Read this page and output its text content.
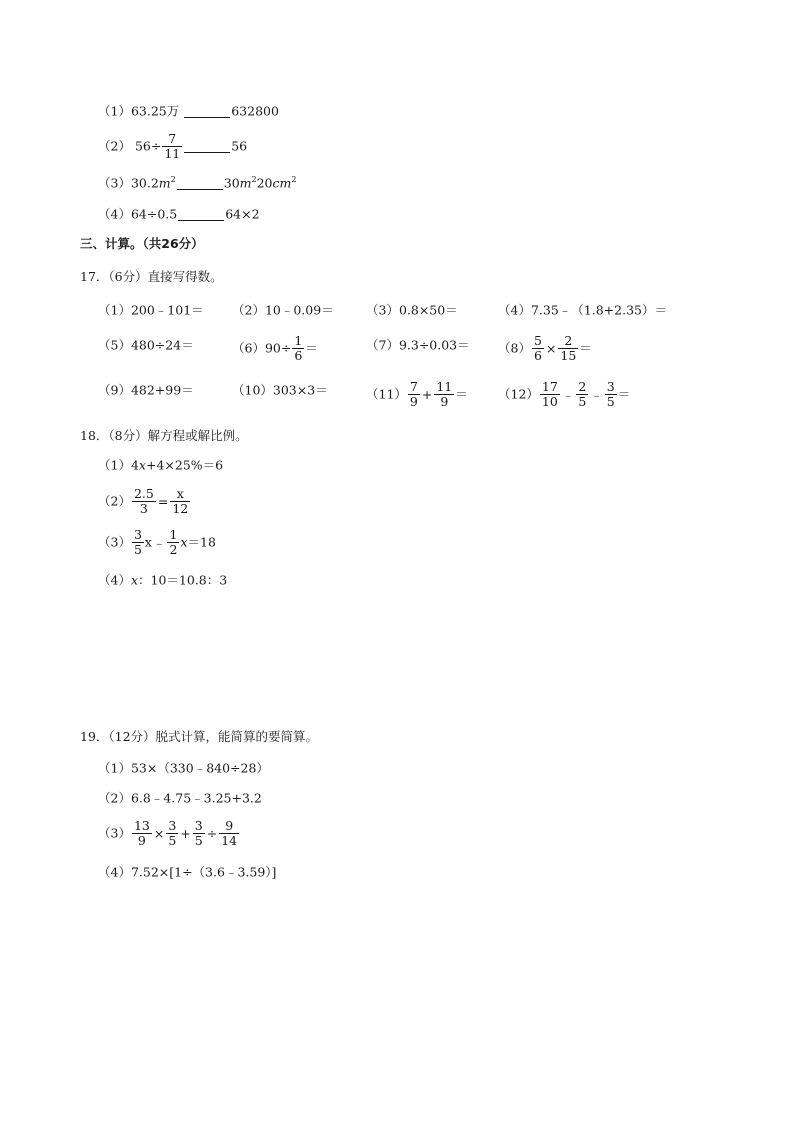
（1）63.25万	632800
（2） $56\div \frac{7}{11}$	56
$(3)30.2m^2$	$30m^220cm^2$
（4）64÷0.5	64×2
三、计算。（共26分）
17．（6分）直接写得数。
（1）200﹣101＝ （2）10﹣0.09＝	（3）0.8×50＝	（4）7.35﹣（1.8+2.35）＝
（5）480÷24＝	$(6)90\div \frac{1}{6}$ ＝	$(7)9.3\div 0.03= (8) \frac{5}{6} \times \frac{2}{15}$ ＝
（9）482+99＝	（10）303×3＝	$(11) \frac{7}{9} + \frac{11}{9} = (12) \frac{17}{10}$ ﹣ $\frac{2}{5}$ ﹣ $\frac{3}{5}$ ＝
18．（8分）解方程或解比例。
（1）4x+4×25%＝6
$(2) \frac{2.5}{3} = \frac{x}{12}$
$(3) \frac{3}{5}$ x﹣ $\frac{1}{2} x=18$
（4）x：10＝10.8：3
19．（12分）脱式计算，能简算的要简算。
（1）53×（330﹣840÷28）
（2）6.8﹣4.75﹣3.25+3.2
$(3) \frac{13}{9} \times \frac{3}{5} + \frac{3}{5} \div \frac{9}{14}$
（4）7.52×[1÷（3.6﹣3.59）]
